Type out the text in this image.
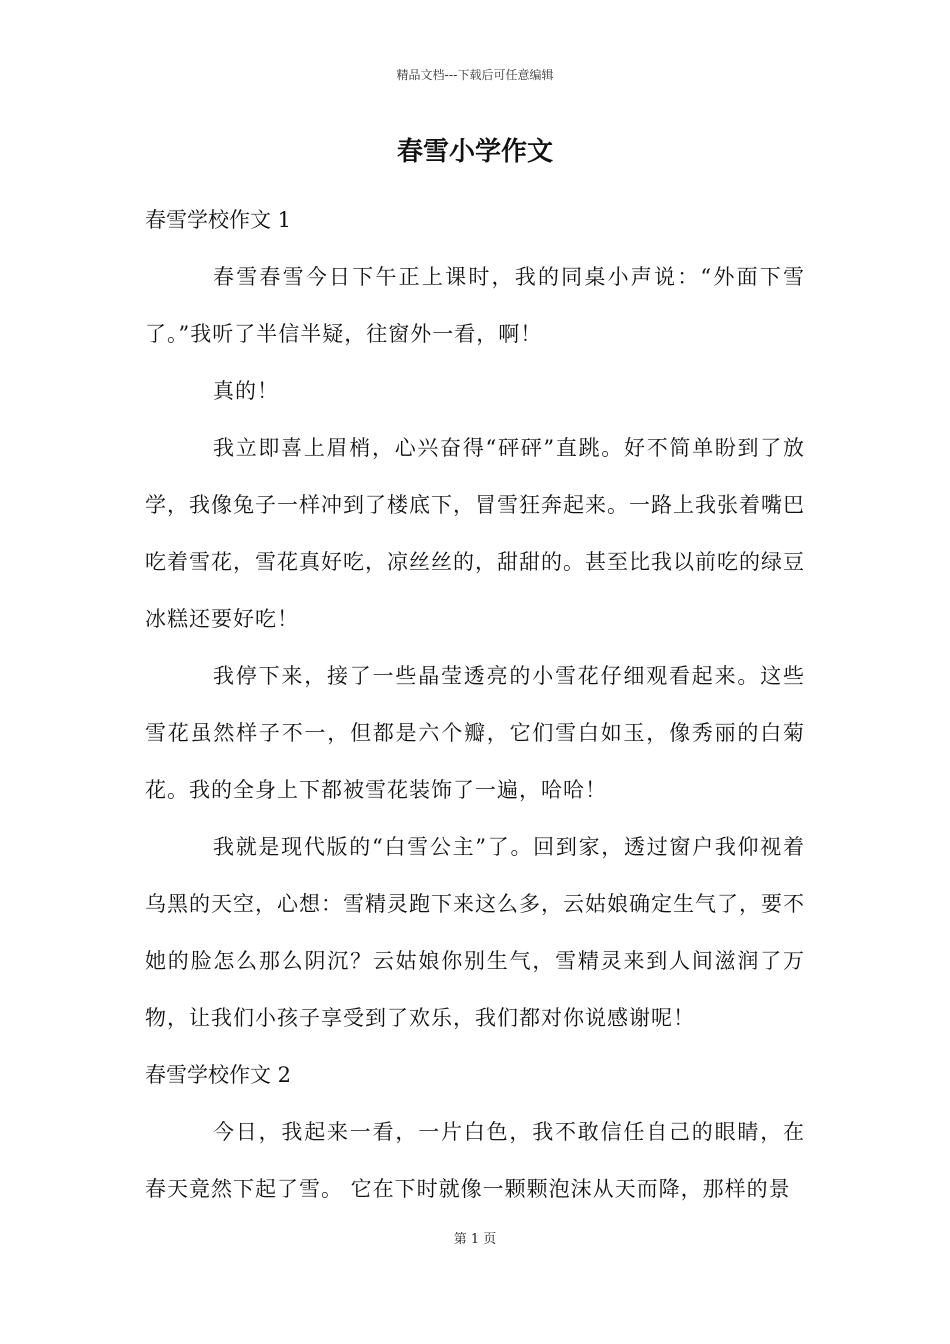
精品文档---下载后可任意编辑
春雪小学作文

春雪学校作文 1

春雪春雪今日下午正上课时，我的同桌小声说：“外面下雪了。”我听了半信半疑，往窗外一看，啊！

真的！

我立即喜上眉梢，心兴奋得“砰砰”直跳。好不简单盼到了放学，我像兔子一样冲到了楼底下，冒雪狂奔起来。一路上我张着嘴巴吃着雪花，雪花真好吃，凉丝丝的，甜甜的。甚至比我以前吃的绿豆冰糕还要好吃！

我停下来，接了一些晶莹透亮的小雪花仔细观看起来。这些雪花虽然样子不一，但都是六个瓣，它们雪白如玉，像秀丽的白菊花。我的全身上下都被雪花装饰了一遍，哈哈！

我就是现代版的“白雪公主”了。回到家，透过窗户我仰视着乌黑的天空，心想：雪精灵跑下来这么多，云姑娘确定生气了，要不她的脸怎么那么阴沉？云姑娘你别生气，雪精灵来到人间滋润了万物，让我们小孩子享受到了欢乐，我们都对你说感谢呢！

春雪学校作文 2

今日，我起来一看，一片白色，我不敢信任自己的眼睛，在春天竟然下起了雪。 它在下时就像一颗颗泡沫从天而降，那样的景

第 1 页
